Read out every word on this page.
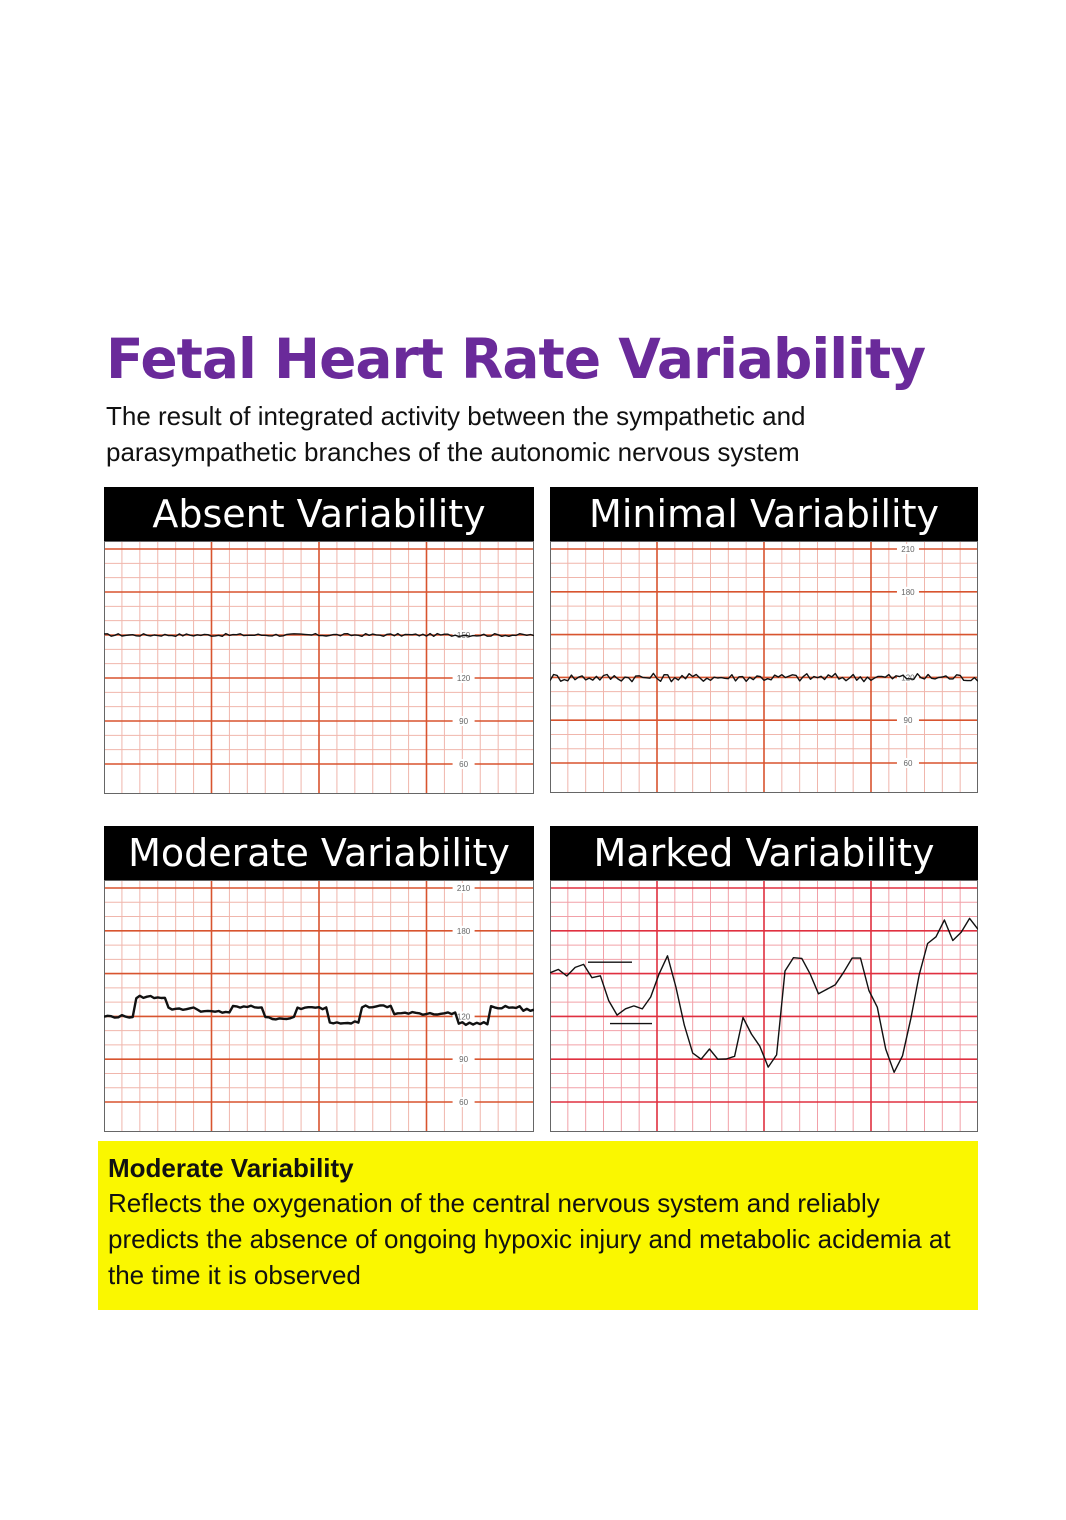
Fetal Heart Rate Variability
The result of integrated activity between the sympathetic and parasympathetic branches of the autonomic nervous system
Absent Variability
150
120
90
60
Minimal Variability
210
180
120
90
60
Moderate Variability
210
180
120
90
60
Marked Variability
Moderate Variability
Reflects the oxygenation of the central nervous system and reliably predicts the absence of ongoing hypoxic injury and metabolic acidemia at the time it is observed
